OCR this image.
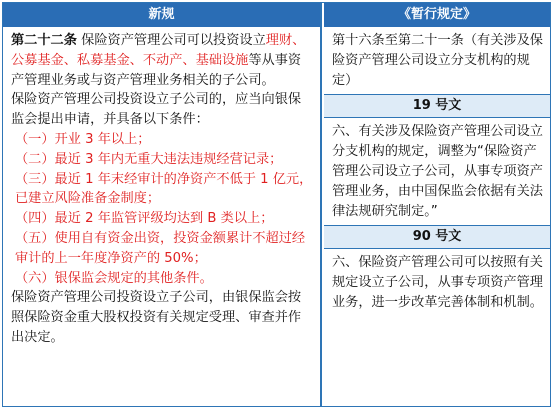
新规

第二十二条 保险资产管理公司可以投资设立理财、公募基金、私募基金、不动产、基础设施等从事资产管理业务或与资产管理业务相关的子公司。

保险资产管理公司投资设立子公司的，应当向银保监会提出申请，并具备以下条件：

（一）开业 3 年以上；

（二）最近 3 年内无重大违法违规经营记录；

（三）最近 1 年末经审计的净资产不低于 1 亿元，已建立风险准备金制度；

（四）最近 2 年监管评级均达到 B 类以上；

（五）使用自有资金出资，投资金额累计不超过经审计的上一年度净资产的 50%；

（六）银保监会规定的其他条件。

保险资产管理公司投资设立子公司，由银保监会按照保险资金重大股权投资有关规定受理、审查并作出决定。

《暂行规定》
第十六条至第二十一条（有关涉及保险资产管理公司设立分支机构的规定）
19 号文
六、有关涉及保险资产管理公司设立分支机构的规定，调整为“保险资产管理公司设立子公司，从事专项资产管理业务，由中国保监会依据有关法律法规研究制定。”
90 号文
六、保险资产管理公司可以按照有关规定设立子公司，从事专项资产管理业务，进一步改革完善体制和机制。
